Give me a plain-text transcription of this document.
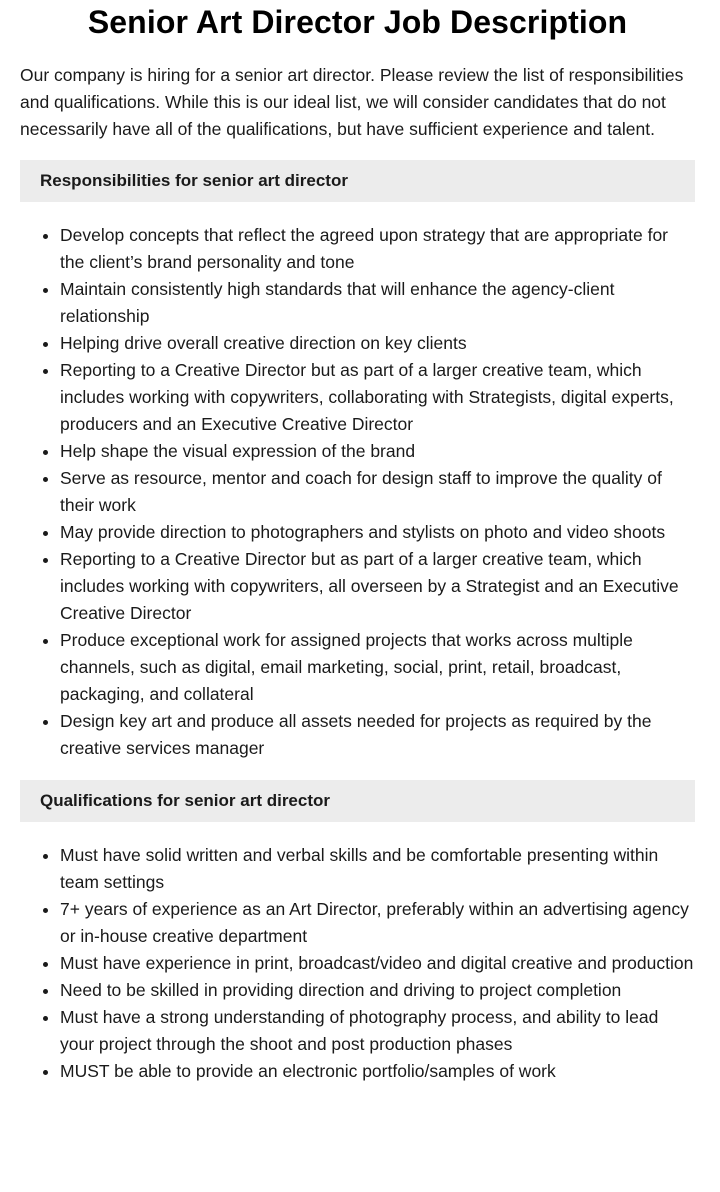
Senior Art Director Job Description

Our company is hiring for a senior art director. Please review the list of responsibilities and qualifications. While this is our ideal list, we will consider candidates that do not necessarily have all of the qualifications, but have sufficient experience and talent.

Responsibilities for senior art director
• Develop concepts that reflect the agreed upon strategy that are appropriate for the client’s brand personality and tone
• Maintain consistently high standards that will enhance the agency-client relationship
• Helping drive overall creative direction on key clients
• Reporting to a Creative Director but as part of a larger creative team, which includes working with copywriters, collaborating with Strategists, digital experts, producers and an Executive Creative Director
• Help shape the visual expression of the brand
• Serve as resource, mentor and coach for design staff to improve the quality of their work
• May provide direction to photographers and stylists on photo and video shoots
• Reporting to a Creative Director but as part of a larger creative team, which includes working with copywriters, all overseen by a Strategist and an Executive Creative Director
• Produce exceptional work for assigned projects that works across multiple channels, such as digital, email marketing, social, print, retail, broadcast, packaging, and collateral
• Design key art and produce all assets needed for projects as required by the creative services manager
Qualifications for senior art director
• Must have solid written and verbal skills and be comfortable presenting within team settings
• 7+ years of experience as an Art Director, preferably within an advertising agency or in-house creative department
• Must have experience in print, broadcast/video and digital creative and production
• Need to be skilled in providing direction and driving to project completion
• Must have a strong understanding of photography process, and ability to lead your project through the shoot and post production phases
• MUST be able to provide an electronic portfolio/samples of work
